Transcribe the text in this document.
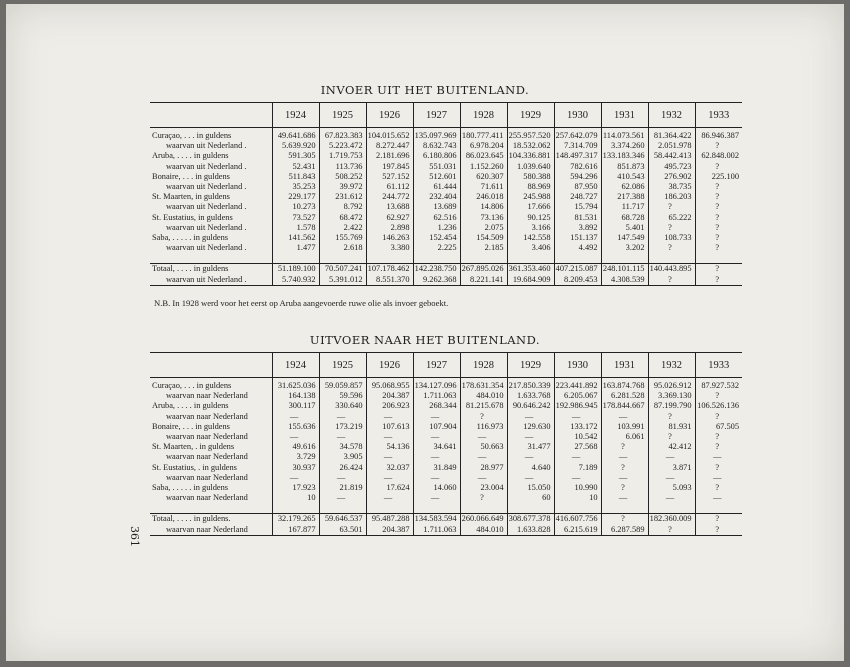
INVOER UIT HET BUITENLAND.
	1924	1925	1926	1927	1928	1929	1930	1931	1932	1933
Curaçao, . . . in guldens	49.641.686	67.823.383	104.015.652	135.097.969	180.777.411	255.957.520	257.642.079	114.073.561	81.364.422	86.946.387
waarvan uit Nederland .	5.639.920	5.223.472	8.272.447	8.632.743	6.978.204	18.532.062	7.314.709	3.374.260	2.051.978	?
Aruba, . . . . in guldens	591.305	1.719.753	2.181.696	6.180.806	86.023.645	104.336.881	148.497.317	133.183.346	58.442.413	62.848.002
waarvan uit Nederland .	52.431	113.736	197.845	551.031	1.152.260	1.039.640	782.616	851.873	495.723	?
Bonaire, . . . in guldens	511.843	508.252	527.152	512.601	620.307	580.388	594.296	410.543	276.902	225.100
waarvan uit Nederland .	35.253	39.972	61.112	61.444	71.611	88.969	87.950	62.086	38.735	?
St. Maarten, in guldens	229.177	231.612	244.772	232.404	246.018	245.988	248.727	217.388	186.203	?
waarvan uit Nederland .	10.273	8.792	13.688	13.689	14.806	17.666	15.794	11.717	?	?
St. Eustatius, in guldens	73.527	68.472	62.927	62.516	73.136	90.125	81.531	68.728	65.222	?
waarvan uit Nederland .	1.578	2.422	2.898	1.236	2.075	3.166	3.892	5.401	?	?
Saba, . . . . . in guldens	141.562	155.769	146.263	152.454	154.509	142.558	151.137	147.549	108.733	?
waarvan uit Nederland .	1.477	2.618	3.380	2.225	2.185	3.406	4.492	3.202	?	?

Totaal, . . . . in guldens	51.189.100	70.507.241	107.178.462	142.238.750	267.895.026	361.353.460	407.215.087	248.101.115	140.443.895	?
waarvan uit Nederland .	5.740.932	5.391.012	8.551.370	9.262.368	8.221.141	19.684.909	8.209.453	4.308.539	?	?
N.B. In 1928 werd voor het eerst op Aruba aangevoerde ruwe olie als invoer geboekt.
UITVOER NAAR HET BUITENLAND.
	1924	1925	1926	1927	1928	1929	1930	1931	1932	1933
Curaçao, . . . in guldens	31.625.036	59.059.857	95.068.955	134.127.096	178.631.354	217.850.339	223.441.892	163.874.768	95.026.912	87.927.532
waarvan naar Nederland	164.138	59.596	204.387	1.711.063	484.010	1.633.768	6.205.067	6.281.528	3.369.130	?
Aruba, . . . . in guldens	300.117	330.640	206.923	268.344	81.215.678	90.646.242	192.986.945	178.844.667	87.199.790	106.526.136
waarvan naar Nederland	—	—	—	—	?	—	—	—	?	?
Bonaire, . . . in guldens	155.636	173.219	107.613	107.904	116.973	129.630	133.172	103.991	81.931	67.505
waarvan naar Nederland	—	—	—	—	—	—	10.542	6.061	?	?
St. Maarten, . in guldens	49.616	34.578	54.136	34.641	50.663	31.477	27.568	?	42.412	?
waarvan naar Nederland	3.729	3.905	—	—	—	—	—	—	—	—
St. Eustatius, . in guldens	30.937	26.424	32.037	31.849	28.977	4.640	7.189	?	3.871	?
waarvan naar Nederland	—	—	—	—	—	—	—	—	—	—
Saba, . . . . . in guldens	17.923	21.819	17.624	14.060	23.004	15.050	10.990	?	5.093	?
waarvan naar Nederland	10	—	—	—	?	60	10	—	—	—

Totaal, . . . . in guldens.	32.179.265	59.646.537	95.487.288	134.583.594	260.066.649	308.677.378	416.607.756	?	182.360.009	?
waarvan naar Nederland	167.877	63.501	204.387	1.711.063	484.010	1.633.828	6.215.619	6.287.589	?	?
361
